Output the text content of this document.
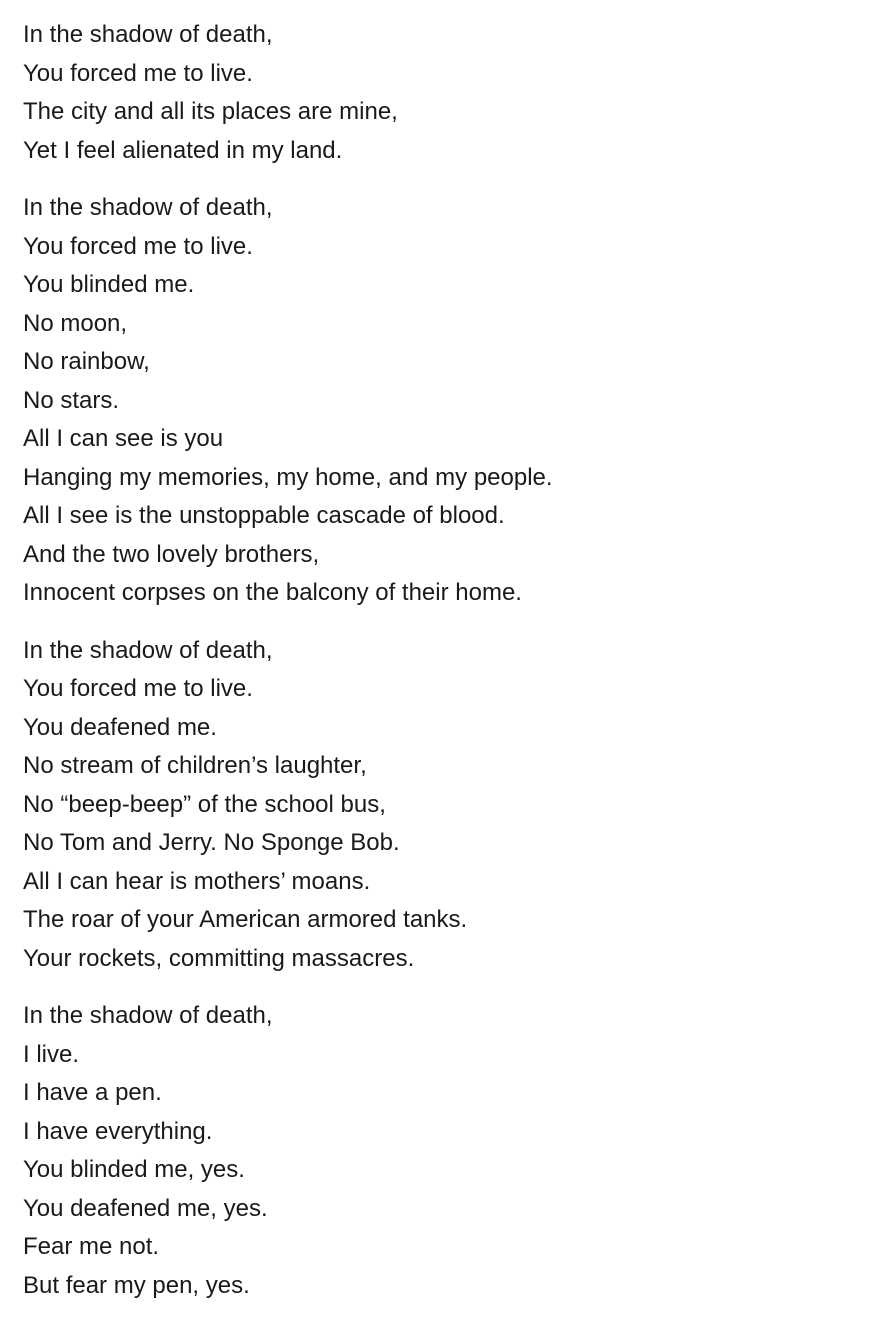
In the shadow of death,
You forced me to live.
The city and all its places are mine,
Yet I feel alienated in my land.
In the shadow of death,
You forced me to live.
You blinded me.
No moon,
No rainbow,
No stars.
All I can see is you
Hanging my memories, my home, and my people.
All I see is the unstoppable cascade of blood.
And the two lovely brothers,
Innocent corpses on the balcony of their home.
In the shadow of death,
You forced me to live.
You deafened me.
No stream of children’s laughter,
No “beep-beep” of the school bus,
No Tom and Jerry. No Sponge Bob.
All I can hear is mothers’ moans.
The roar of your American armored tanks.
Your rockets, committing massacres.
In the shadow of death,
I live.
I have a pen.
I have everything.
You blinded me, yes.
You deafened me, yes.
Fear me not.
But fear my pen, yes.
